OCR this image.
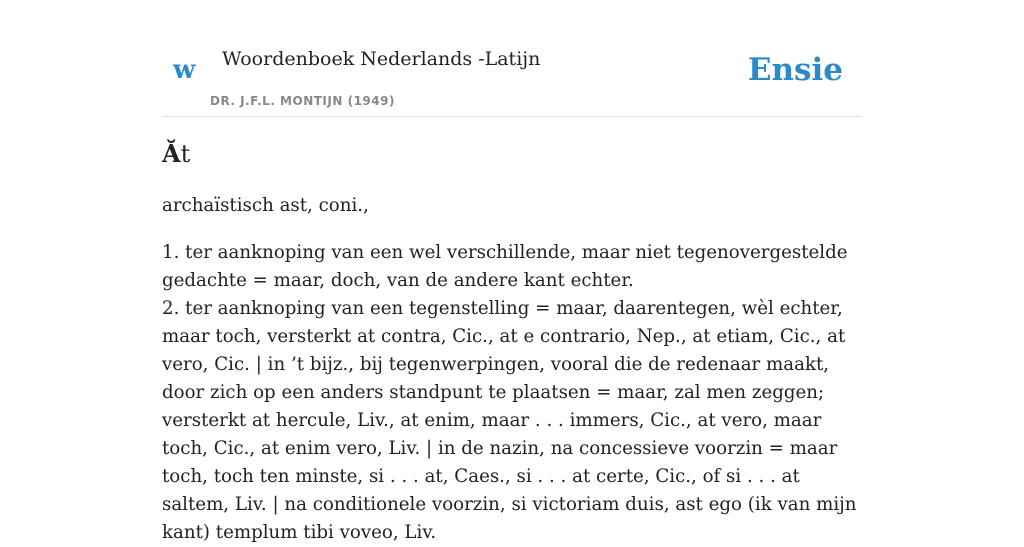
w Woordenboek Nederlands -Latijn
DR. J.F.L. MONTIJN (1949)
Ensie
Ăt

archaïstisch ast, coni.,

1. ter aanknoping van een wel verschillende, maar niet tegenovergestelde gedachte = maar, doch, van de andere kant echter.

2. ter aanknoping van een tegenstelling = maar, daarentegen, wèl echter, maar toch, versterkt at contra, Cic., at e contrario, Nep., at etiam, Cic., at vero, Cic. | in ’t bijz., bij tegenwerpingen, vooral die de redenaar maakt, door zich op een anders standpunt te plaatsen = maar, zal men zeggen; versterkt at hercule, Liv., at enim, maar . . . immers, Cic., at vero, maar toch, Cic., at enim vero, Liv. | in de nazin, na concessieve voorzin = maar toch, toch ten minste, si . . . at, Caes., si . . . at certe, Cic., of si . . . at saltem, Liv. | na conditionele voorzin, si victoriam duis, ast ego (ik van mijn kant) templum tibi voveo, Liv.
